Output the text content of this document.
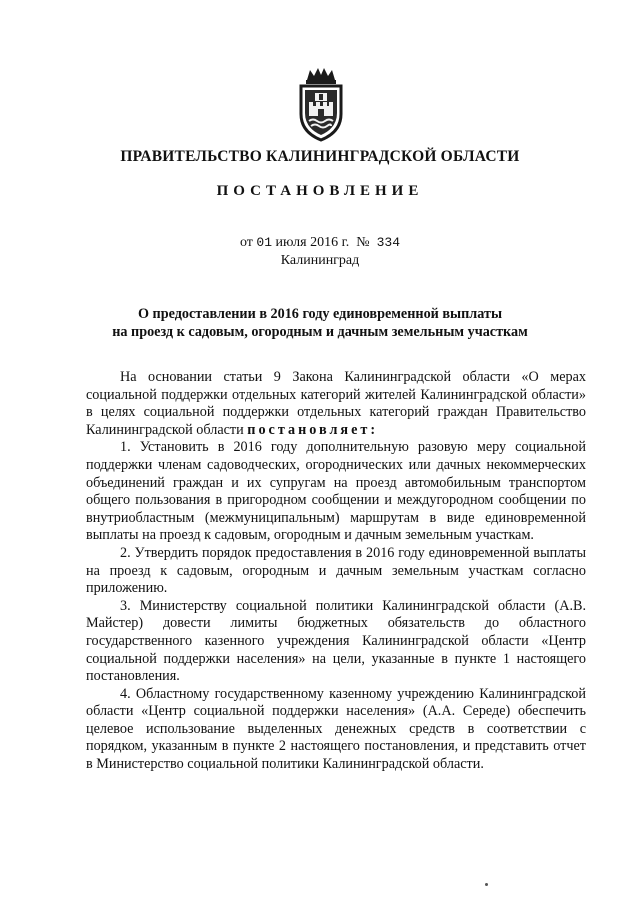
ПРАВИТЕЛЬСТВО КАЛИНИНГРАДСКОЙ ОБЛАСТИ
ПОСТАНОВЛЕНИЕ
от 01 июля 2016 г. № 334
Калининград
О предоставлении в 2016 году единовременной выплаты
на проезд к садовым, огородным и дачным земельным участкам

На основании статьи 9 Закона Калининградской области «О мерах социальной поддержки отдельных категорий жителей Калининградской области» в целях социальной поддержки отдельных категорий граждан Правительство Калининградской области постановляет:

1. Установить в 2016 году дополнительную разовую меру социальной поддержки членам садоводческих, огороднических или дачных некоммерческих объединений граждан и их супругам на проезд автомобильным транспортом общего пользования в пригородном сообщении и междугородном сообщении по внутриобластным (межмуниципальным) маршрутам в виде единовременной выплаты на проезд к садовым, огородным и дачным земельным участкам.

2. Утвердить порядок предоставления в 2016 году единовременной выплаты на проезд к садовым, огородным и дачным земельным участкам согласно приложению.

3. Министерству социальной политики Калининградской области (А.В. Майстер) довести лимиты бюджетных обязательств до областного государственного казенного учреждения Калининградской области «Центр социальной поддержки населения» на цели, указанные в пункте 1 настоящего постановления.

4. Областному государственному казенному учреждению Калининградской области «Центр социальной поддержки населения» (А.А. Середе) обеспечить целевое использование выделенных денежных средств в соответствии с порядком, указанным в пункте 2 настоящего постановления, и представить отчет в Министерство социальной политики Калининградской области.
